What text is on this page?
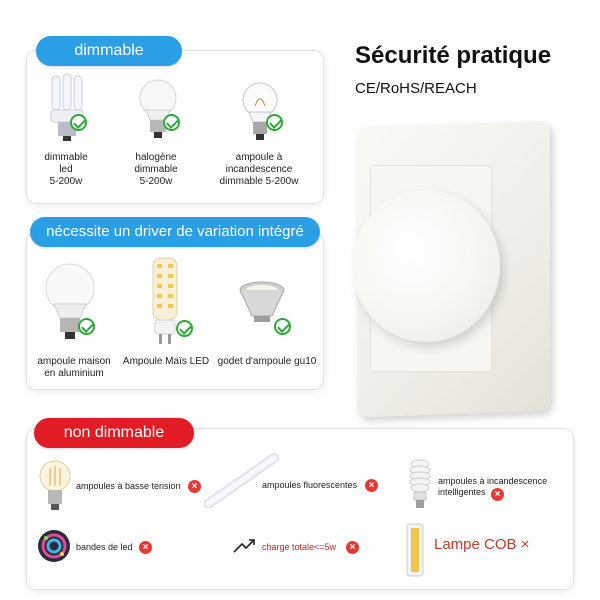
dimmable
dimmable
led
5-200w
halogène
dimmable
5-200w
ampoule à
incandescence
dimmable 5-200w
nécessite un driver de variation intégré
ampoule maison
en aluminium
Ampoule Maïs LED godet d'ampoule gu10
Sécurité pratique
CE/RoHS/REACH
non dimmable
ampoules à basse tension	×	ampoules fluorescentes	×	ampoules à incandescence
intelligentes ×
bandes de led	×	charge totale<=5w	×	Lampe COB ×
